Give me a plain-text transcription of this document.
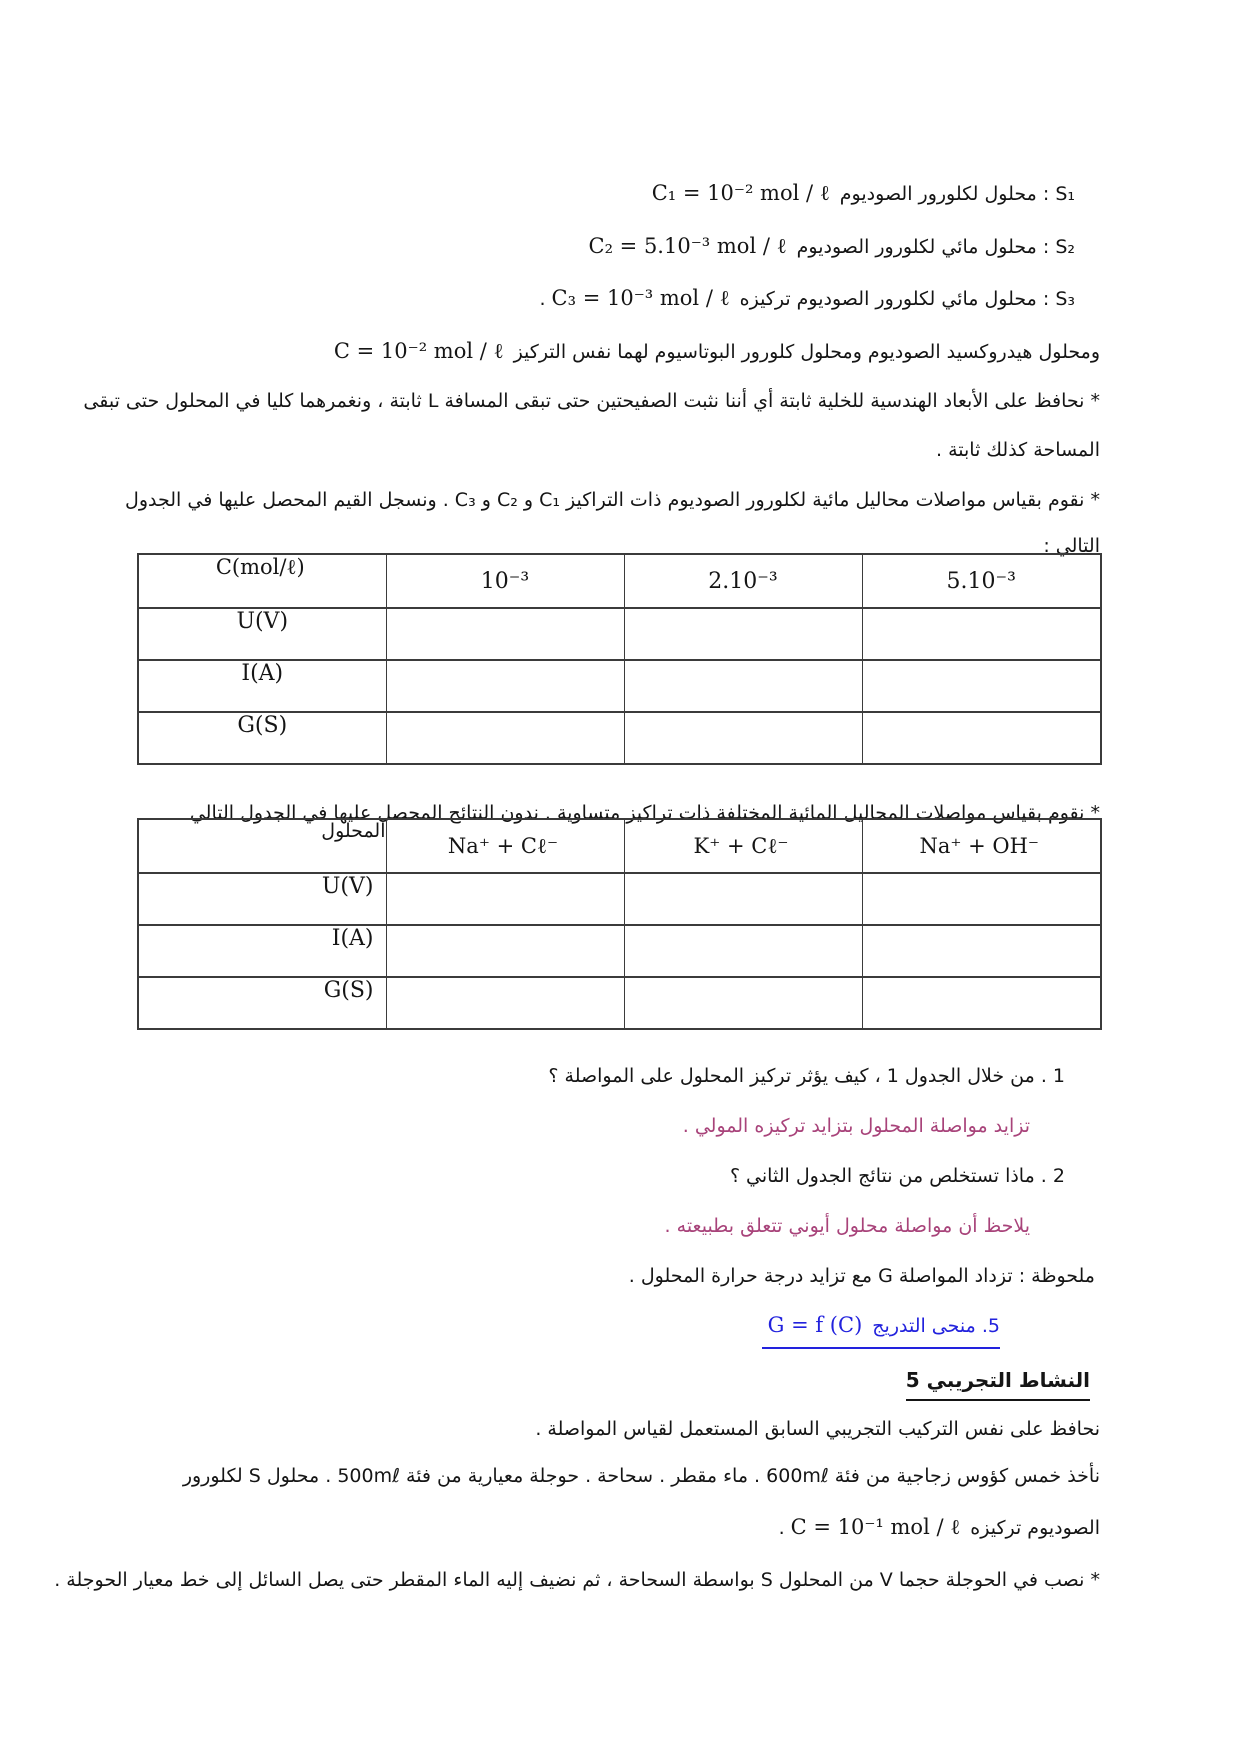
S₁ : محلول لكلورور الصوديومC₁ = 10⁻² mol / ℓ

S₂ : محلول مائي لكلورور الصوديومC₂ = 5.10⁻³ mol / ℓ

S₃ : محلول مائي لكلورور الصوديوم تركيزهC₃ = 10⁻³ mol / ℓ.

ومحلول هيدروكسيد الصوديوم ومحلول كلورور البوتاسيوم لهما نفس التركيزC = 10⁻² mol / ℓ

* نحافظ على الأبعاد الهندسية للخلية ثابتة أي أننا نثبت الصفيحتين حتى تبقى المسافة L ثابتة ، ونغمرهما كليا في المحلول حتى تبقى

المساحة كذلك ثابتة .

* نقوم بقياس مواصلات محاليل مائية لكلورور الصوديوم ذات التراكيز C₁ و C₂ و C₃ . ونسجل القيم المحصل عليها في الجدول

التالي :

C(mol/ℓ)	10⁻³	2.10⁻³	5.10⁻³
U(V)			
I(A)			
G(S)			

* نقوم بقياس مواصلات المحاليل المائية المختلفة ذات تراكيز متساوية . ندون النتائج المحصل عليها في الجدول التالي

المحلول	Na⁺ + Cℓ⁻	K⁺ + Cℓ⁻	Na⁺ + OH⁻
U(V)			
I(A)			
G(S)			

1 . من خلال الجدول 1 ، كيف يؤثر تركيز المحلول على المواصلة ؟

تزايد مواصلة المحلول بتزايد تركيزه المولي .

2 . ماذا تستخلص من نتائج الجدول الثاني ؟

يلاحظ أن مواصلة محلول أيوني تتعلق بطبيعته .

ملحوظة : تزداد المواصلة G مع تزايد درجة حرارة المحلول .

5. منحى التدريجG = f (C)

النشاط التجريبي 5

نحافظ على نفس التركيب التجريبي السابق المستعمل لقياس المواصلة .

نأخذ خمس كؤوس زجاجية من فئة 600mℓ . ماء مقطر . سحاحة . حوجلة معيارية من فئة 500mℓ . محلول S لكلورور

الصوديوم تركيزهC = 10⁻¹ mol / ℓ.

* نصب في الحوجلة حجما V من المحلول S بواسطة السحاحة ، ثم نضيف إليه الماء المقطر حتى يصل السائل إلى خط معيار الحوجلة .
